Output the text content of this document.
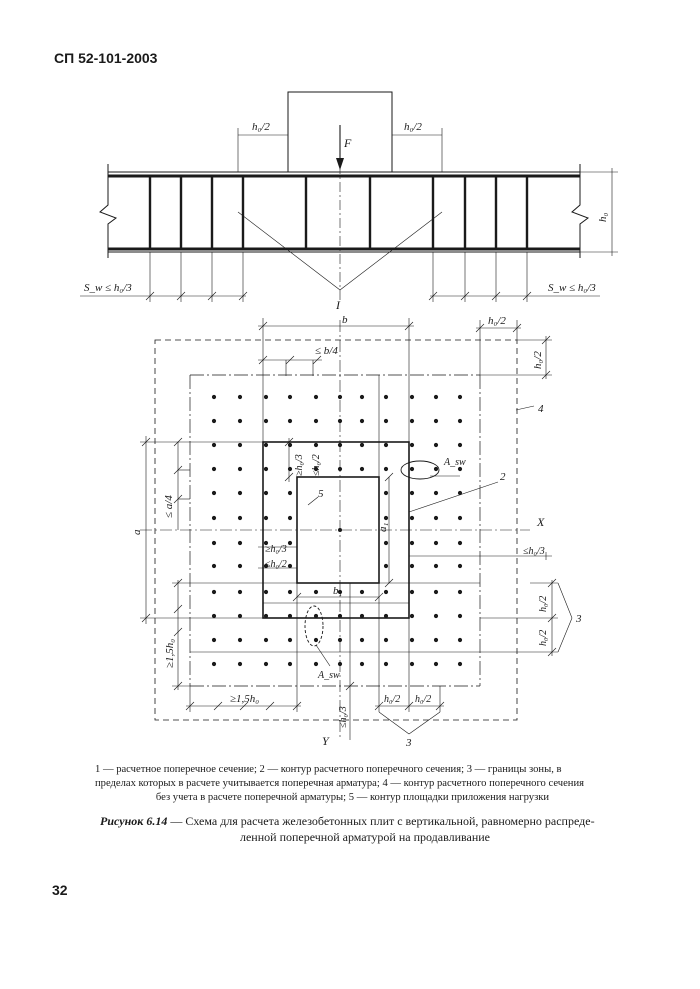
СП 52-101-2003
h₀/2	h₀/2
F
h₀
S_w ≤ h₀/3	S_w ≤ h₀/3
I
b	h₀/2
h₀/2
≤ b/4
≥h₀/3 ≤h₀/2
5
a
≤ a/4
a₁	X
≥h₀/3
≤h₀/2
≤h₀/3
b₁
4
2
A_sw
A_sw
≥1,5h₀
≥1,5h₀
≤h₀/3
h₀/2 h₀/2
h₀/2
h₀/2
3
3
Y
1 — расчетное поперечное сечение; 2 — контур расчетного поперечного сечения; 3 — границы зоны, в
пределах которых в расчете учитывается поперечная арматура; 4 — контур расчетного поперечного сечения
без учета в расчете поперечной арматуры; 5 — контур площадки приложения нагрузки
Рисунок 6.14 — Схема для расчета железобетонных плит с вертикальной, равномерно распреде-
ленной поперечной арматурой на продавливание
32
